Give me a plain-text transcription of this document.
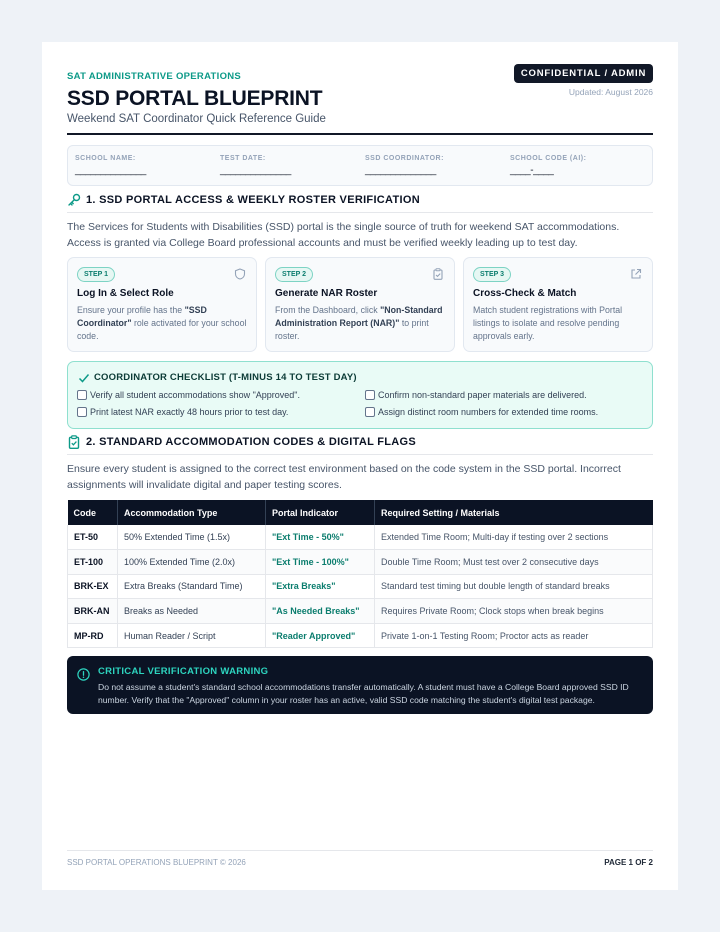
SAT ADMINISTRATIVE OPERATIONS
SSD PORTAL BLUEPRINT
Weekend SAT Coordinator Quick Reference Guide
CONFIDENTIAL / ADMIN
Updated: August 2026
SCHOOL NAME:
______________
TEST DATE:
______________
SSD COORDINATOR:
______________
SCHOOL CODE (AI):
____-____
1. SSD PORTAL ACCESS & WEEKLY ROSTER VERIFICATION
The Services for Students with Disabilities (SSD) portal is the single source of truth for weekend SAT accommodations. Access is granted via College Board professional accounts and must be verified weekly leading up to test day.
STEP 1
Log In & Select Role
Ensure your profile has the "SSD Coordinator" role activated for your school code.
STEP 2
Generate NAR Roster
From the Dashboard, click "Non-Standard Administration Report (NAR)" to print roster.
STEP 3
Cross-Check & Match
Match student registrations with Portal listings to isolate and resolve pending approvals early.
COORDINATOR CHECKLIST (T-MINUS 14 TO TEST DAY)
Verify all student accommodations show "Approved".	Confirm non-standard paper materials are delivered.
Print latest NAR exactly 48 hours prior to test day.	Assign distinct room numbers for extended time rooms.
2. STANDARD ACCOMMODATION CODES & DIGITAL FLAGS
Ensure every student is assigned to the correct test environment based on the code system in the SSD portal. Incorrect assignments will invalidate digital and paper testing scores.
Code	Accommodation Type	Portal Indicator	Required Setting / Materials
ET-50	50% Extended Time (1.5x)	"Ext Time - 50%"	Extended Time Room; Multi-day if testing over 2 sections
ET-100	100% Extended Time (2.0x)	"Ext Time - 100%"	Double Time Room; Must test over 2 consecutive days
BRK-EX	Extra Breaks (Standard Time)	"Extra Breaks"	Standard test timing but double length of standard breaks
BRK-AN	Breaks as Needed	"As Needed Breaks"	Requires Private Room; Clock stops when break begins
MP-RD	Human Reader / Script	"Reader Approved"	Private 1-on-1 Testing Room; Proctor acts as reader
CRITICAL VERIFICATION WARNING
Do not assume a student's standard school accommodations transfer automatically. A student must have a College Board approved SSD ID number. Verify that the "Approved" column in your roster has an active, valid SSD code matching the student's digital test package.
SSD PORTAL OPERATIONS BLUEPRINT © 2026	PAGE 1 OF 2
